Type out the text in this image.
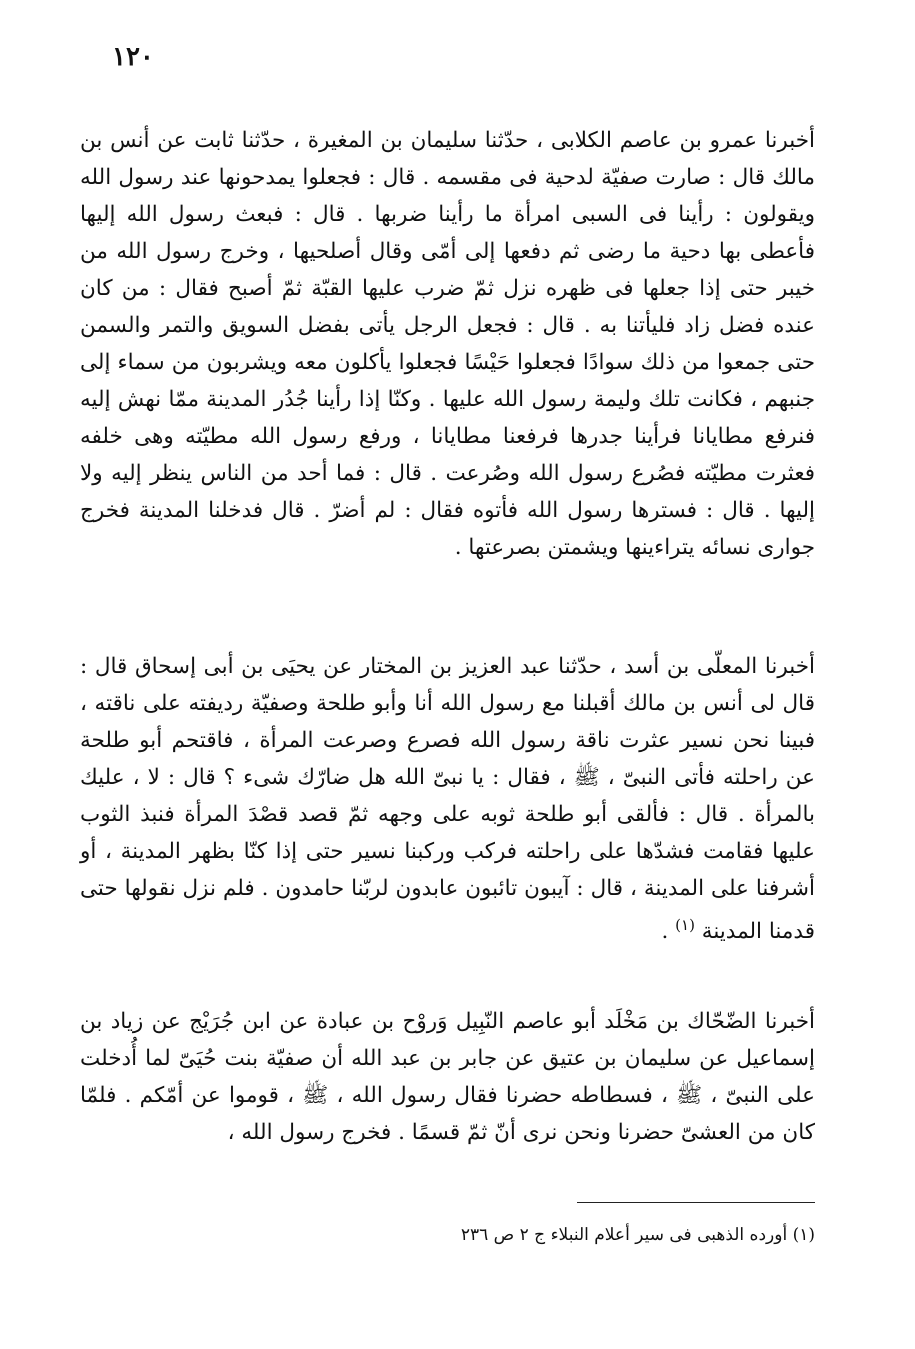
١٢٠

أخبرنا عمرو بن عاصم الكلابى ، حدّثنا سليمان بن المغيرة ، حدّثنا ثابت عن أنس بن مالك قال : صارت صفيّة لدحية فى مقسمه . قال : فجعلوا يمدحونها عند رسول الله ويقولون : رأينا فى السبى امرأة ما رأينا ضربها . قال : فبعث رسول الله إليها فأعطى بها دحية ما رضى ثم دفعها إلى أمّى وقال أصلحيها ، وخرج رسول الله من خيبر حتى إذا جعلها فى ظهره نزل ثمّ ضرب عليها القبّة ثمّ أصبح فقال : من كان عنده فضل زاد فليأتنا به . قال : فجعل الرجل يأتى بفضل السويق والتمر والسمن حتى جمعوا من ذلك سوادًا فجعلوا حَيْسًا فجعلوا يأكلون معه ويشربون من سماء إلى جنبهم ، فكانت تلك وليمة رسول الله عليها . وكنّا إذا رأينا جُدُر المدينة ممّا نهش إليه فنرفع مطايانا فرأينا جدرها فرفعنا مطايانا ، ورفع رسول الله مطيّته وهى خلفه فعثرت مطيّته فصُرع رسول الله وصُرعت . قال : فما أحد من الناس ينظر إليه ولا إليها . قال : فسترها رسول الله فأتوه فقال : لم أضرّ . قال فدخلنا المدينة فخرج جوارى نسائه يتراءينها ويشمتن بصرعتها .

أخبرنا المعلّى بن أسد ، حدّثنا عبد العزيز بن المختار عن يحيَى بن أبى إسحاق قال : قال لى أنس بن مالك أقبلنا مع رسول الله أنا وأبو طلحة وصفيّة رديفته على ناقته ، فبينا نحن نسير عثرت ناقة رسول الله فصرع وصرعت المرأة ، فاقتحم أبو طلحة عن راحلته فأتى النبىّ ، ﷺ ، فقال : يا نبىّ الله هل ضارّك شىء ؟ قال : لا ، عليك بالمرأة . قال : فألقى أبو طلحة ثوبه على وجهه ثمّ قصد قصْدَ المرأة فنبذ الثوب عليها فقامت فشدّها على راحلته فركب وركبنا نسير حتى إذا كنّا بظهر المدينة ، أو أشرفنا على المدينة ، قال : آيبون تائبون عابدون لربّنا حامدون . فلم نزل نقولها حتى قدمنا المدينة $^{(١)}$ .

أخبرنا الضّحّاك بن مَخْلَد أبو عاصم النّبِيل وَروْح بن عبادة عن ابن جُرَيْج عن زياد بن إسماعيل عن سليمان بن عتيق عن جابر بن عبد الله أن صفيّة بنت حُيَىّ لما أُدخلت على النبىّ ، ﷺ ، فسطاطه حضرنا فقال رسول الله ، ﷺ ، قوموا عن أمّكم . فلمّا كان من العشىّ حضرنا ونحن نرى أنّ ثمّ قسمًا . فخرج رسول الله ،

(١) أورده الذهبى فى سير أعلام النبلاء ج ٢ ص ٢٣٦
